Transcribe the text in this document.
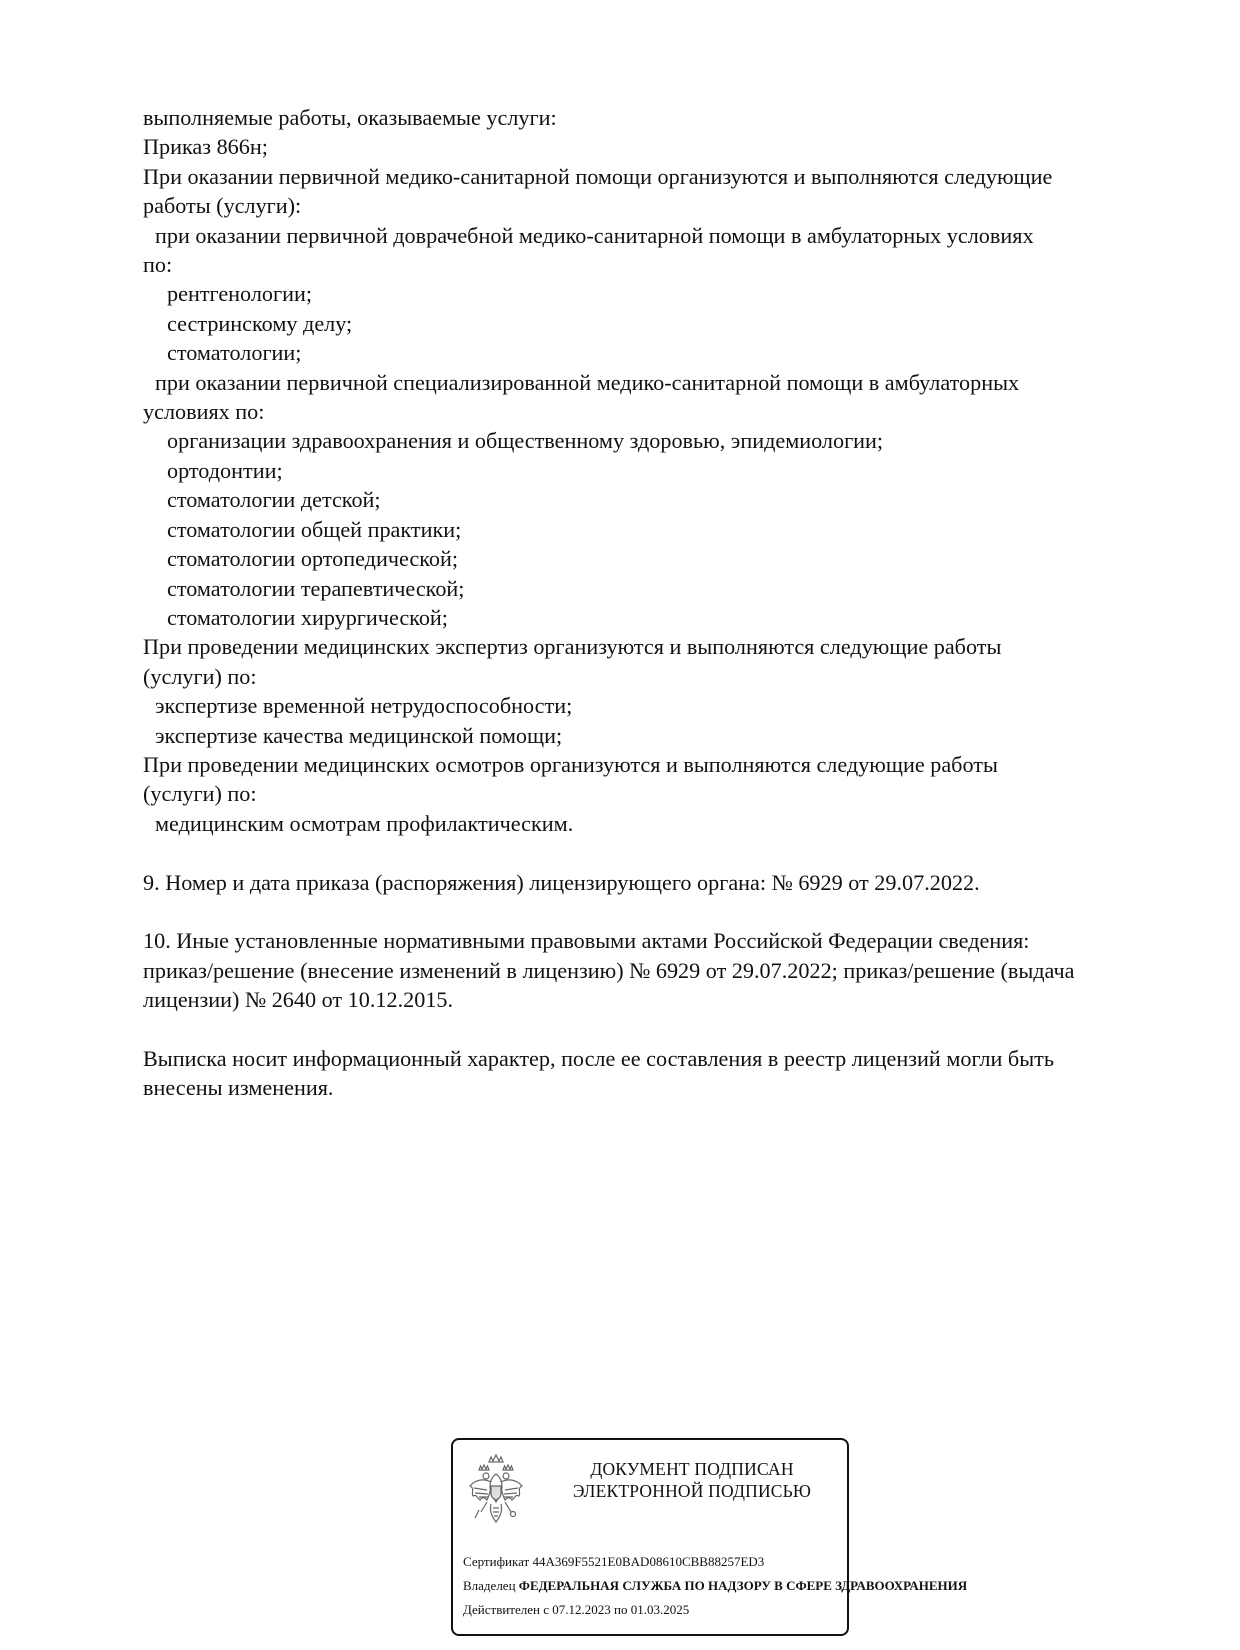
выполняемые работы, оказываемые услуги:
Приказ 866н;
При оказании первичной медико-санитарной помощи организуются и выполняются следующие
работы (услуги):
при оказании первичной доврачебной медико-санитарной помощи в амбулаторных условиях
по:
рентгенологии;
сестринскому делу;
стоматологии;
при оказании первичной специализированной медико-санитарной помощи в амбулаторных
условиях по:
организации здравоохранения и общественному здоровью, эпидемиологии;
ортодонтии;
стоматологии детской;
стоматологии общей практики;
стоматологии ортопедической;
стоматологии терапевтической;
стоматологии хирургической;
При проведении медицинских экспертиз организуются и выполняются следующие работы
(услуги) по:
экспертизе временной нетрудоспособности;
экспертизе качества медицинской помощи;
При проведении медицинских осмотров организуются и выполняются следующие работы
(услуги) по:
медицинским осмотрам профилактическим.
9. Номер и дата приказа (распоряжения) лицензирующего органа: № 6929 от 29.07.2022.
10. Иные установленные нормативными правовыми актами Российской Федерации сведения:
приказ/решение (внесение изменений в лицензию) № 6929 от 29.07.2022; приказ/решение (выдача
лицензии) № 2640 от 10.12.2015.
Выписка носит информационный характер, после ее составления в реестр лицензий могли быть
внесены изменения.
ДОКУМЕНТ ПОДПИСАН
ЭЛЕКТРОННОЙ ПОДПИСЬЮ
Сертификат 44A369F5521E0BAD08610CBB88257ED3
Владелец ФЕДЕРАЛЬНАЯ СЛУЖБА ПО НАДЗОРУ В СФЕРЕ ЗДРАВООХРАНЕНИЯ
Действителен с 07.12.2023 по 01.03.2025
